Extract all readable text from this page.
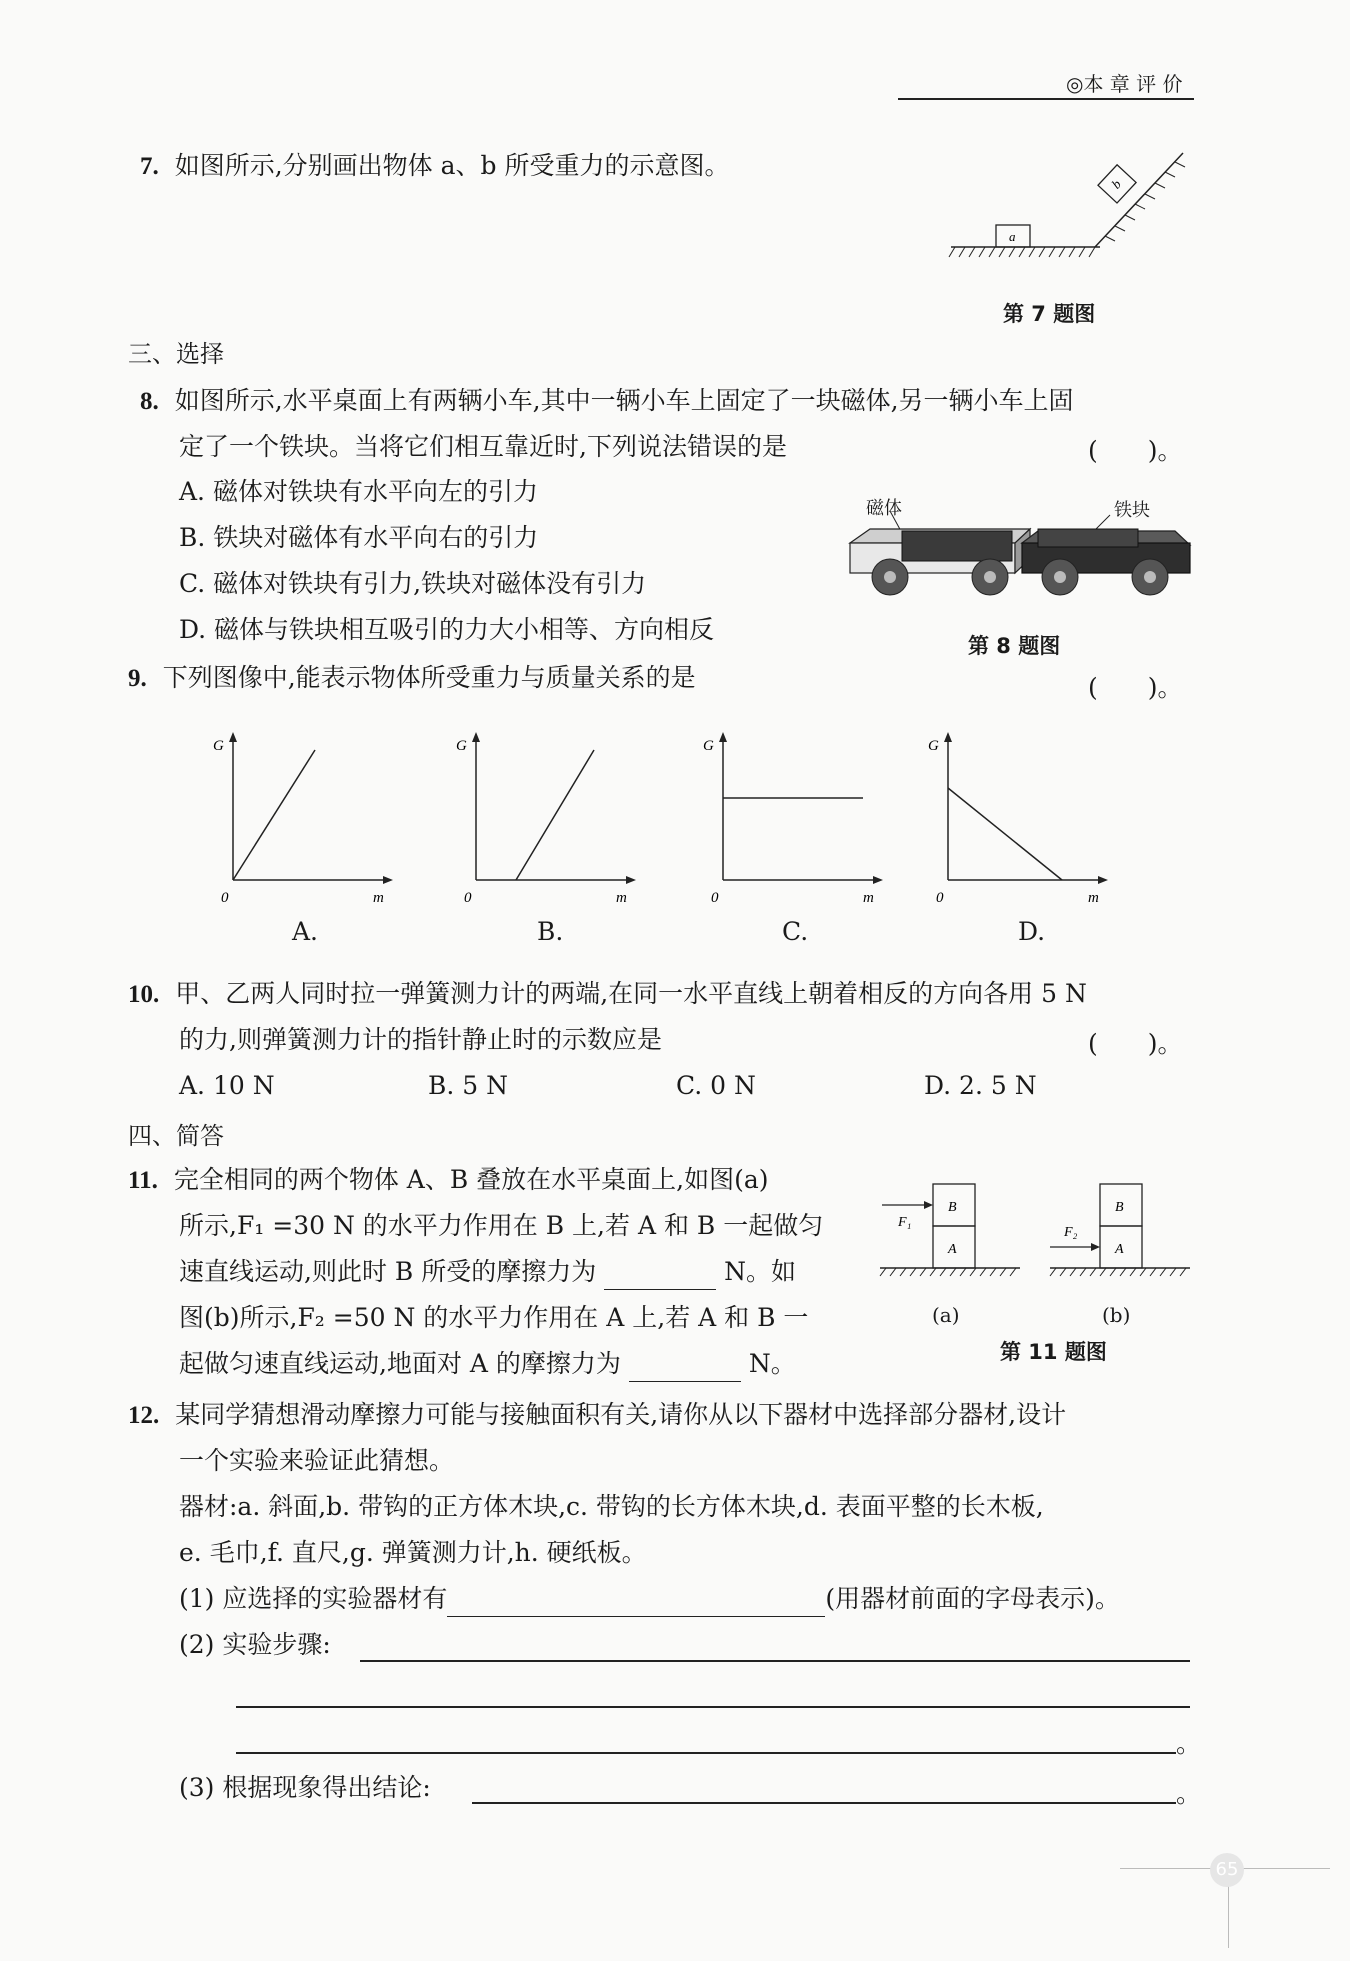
◎本 章 评 价
7. 如图所示,分别画出物体 a、b 所受重力的示意图。
a
b
第 7 题图
三、选择
8. 如图所示,水平桌面上有两辆小车,其中一辆小车上固定了一块磁体,另一辆小车上固
定了一个铁块。当将它们相互靠近时,下列说法错误的是	(　　)。
A. 磁体对铁块有水平向左的引力
B. 铁块对磁体有水平向右的引力
C. 磁体对铁块有引力,铁块对磁体没有引力
D. 磁体与铁块相互吸引的力大小相等、方向相反
磁体	铁块
第 8 题图
9. 下列图像中,能表示物体所受重力与质量关系的是	(　　)。
G
0	m
A.
G
0	m
B.
G
0	m
C.
G
0	m
D.
10. 甲、乙两人同时拉一弹簧测力计的两端,在同一水平直线上朝着相反的方向各用 5 N
的力,则弹簧测力计的指针静止时的示数应是	(　　)。
A. 10 N	B. 5 N	C. 0 N	D. 2. 5 N
四、简答
11. 完全相同的两个物体 A、B 叠放在水平桌面上,如图(a)
所示,F₁ =30 N 的水平力作用在 B 上,若 A 和 B 一起做匀
速直线运动,则此时 B 所受的摩擦力为	N。如
图(b)所示,F₂ =50 N 的水平力作用在 A 上,若 A 和 B 一
起做匀速直线运动,地面对 A 的摩擦力为	N。
B
A
F₁
(a)
B
A
F₂
(b)
第 11 题图
12. 某同学猜想滑动摩擦力可能与接触面积有关,请你从以下器材中选择部分器材,设计
一个实验来验证此猜想。
器材:a. 斜面,b. 带钩的正方体木块,c. 带钩的长方体木块,d. 表面平整的长木板,
e. 毛巾,f. 直尺,g. 弹簧测力计,h. 硬纸板。
(1) 应选择的实验器材有	(用器材前面的字母表示)。
(2) 实验步骤:
。
(3) 根据现象得出结论:	。
65
